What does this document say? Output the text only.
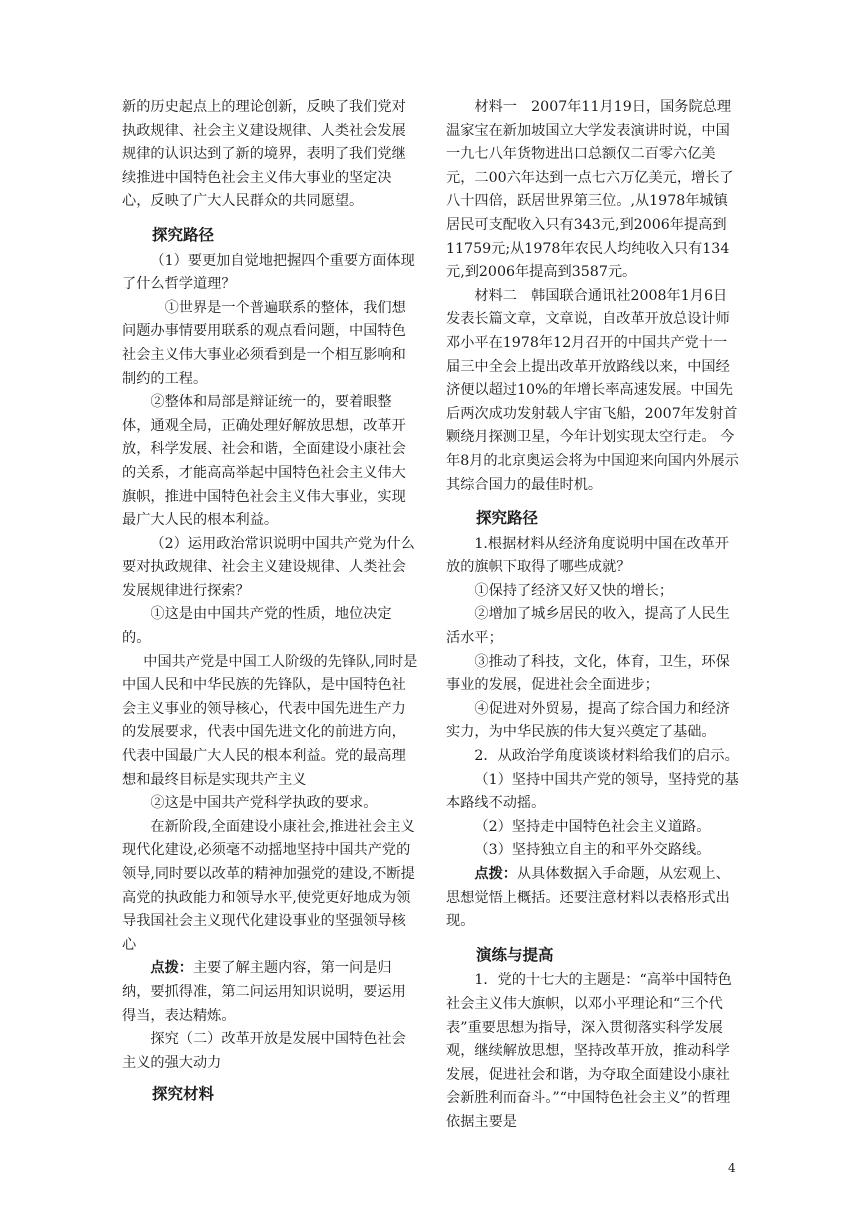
新的历史起点上的理论创新，反映了我们党对执政规律、社会主义建设规律、人类社会发展规律的认识达到了新的境界，表明了我们党继续推进中国特色社会主义伟大事业的坚定决心，反映了广大人民群众的共同愿望。

探究路径

（1）要更加自觉地把握四个重要方面体现了什么哲学道理？

①世界是一个普遍联系的整体，我们想问题办事情要用联系的观点看问题，中国特色社会主义伟大事业必须看到是一个相互影响和制约的工程。

②整体和局部是辩证统一的，要着眼整体，通观全局，正确处理好解放思想，改革开放，科学发展、社会和谐，全面建设小康社会的关系，才能高高举起中国特色社会主义伟大旗帜，推进中国特色社会主义伟大事业，实现最广大人民的根本利益。

（2）运用政治常识说明中国共产党为什么要对执政规律、社会主义建设规律、人类社会发展规律进行探索？

①这是由中国共产党的性质，地位决定的。

中国共产党是中国工人阶级的先锋队,同时是中国人民和中华民族的先锋队，是中国特色社会主义事业的领导核心，代表中国先进生产力的发展要求，代表中国先进文化的前进方向，代表中国最广大人民的根本利益。党的最高理想和最终目标是实现共产主义

②这是中国共产党科学执政的要求。

在新阶段,全面建设小康社会,推进社会主义现代化建设,必须毫不动摇地坚持中国共产党的领导,同时要以改革的精神加强党的建设,不断提高党的执政能力和领导水平,使党更好地成为领导我国社会主义现代化建设事业的坚强领导核心

点拨：主要了解主题内容，第一问是归纳，要抓得准，第二问运用知识说明，要运用得当，表达精炼。

探究（二）改革开放是发展中国特色社会主义的强大动力

探究材料

材料一　2007年11月19日，国务院总理温家宝在新加坡国立大学发表演讲时说，中国一九七八年货物进出口总额仅二百零六亿美元，二00六年达到一点七六万亿美元，增长了八十四倍，跃居世界第三位。,从1978年城镇居民可支配收入只有343元,到2006年提高到11759元;从1978年农民人均纯收入只有134元,到2006年提高到3587元。

材料二　韩国联合通讯社2008年1月6日发表长篇文章，文章说，自改革开放总设计师邓小平在1978年12月召开的中国共产党十一届三中全会上提出改革开放路线以来，中国经济便以超过10%的年增长率高速发展。中国先后两次成功发射载人宇宙飞船，2007年发射首颗绕月探测卫星，今年计划实现太空行走。 今年8月的北京奥运会将为中国迎来向国内外展示其综合国力的最佳时机。

探究路径

1.根据材料从经济角度说明中国在改革开放的旗帜下取得了哪些成就？

①保持了经济又好又快的增长；

②增加了城乡居民的收入，提高了人民生活水平；

③推动了科技，文化，体育，卫生，环保事业的发展，促进社会全面进步；

④促进对外贸易，提高了综合国力和经济实力，为中华民族的伟大复兴奠定了基础。

2．从政治学角度谈谈材料给我们的启示。

（1）坚持中国共产党的领导，坚持党的基本路线不动摇。

（2）坚持走中国特色社会主义道路。

（3）坚持独立自主的和平外交路线。

点拨：从具体数据入手命题，从宏观上、思想觉悟上概括。还要注意材料以表格形式出现。

演练与提高

1．党的十七大的主题是：“高举中国特色社会主义伟大旗帜，以邓小平理论和“三个代表”重要思想为指导，深入贯彻落实科学发展观，继续解放思想，坚持改革开放，推动科学发展，促进社会和谐，为夺取全面建设小康社会新胜利而奋斗。”“中国特色社会主义”的哲理依据主要是

4
